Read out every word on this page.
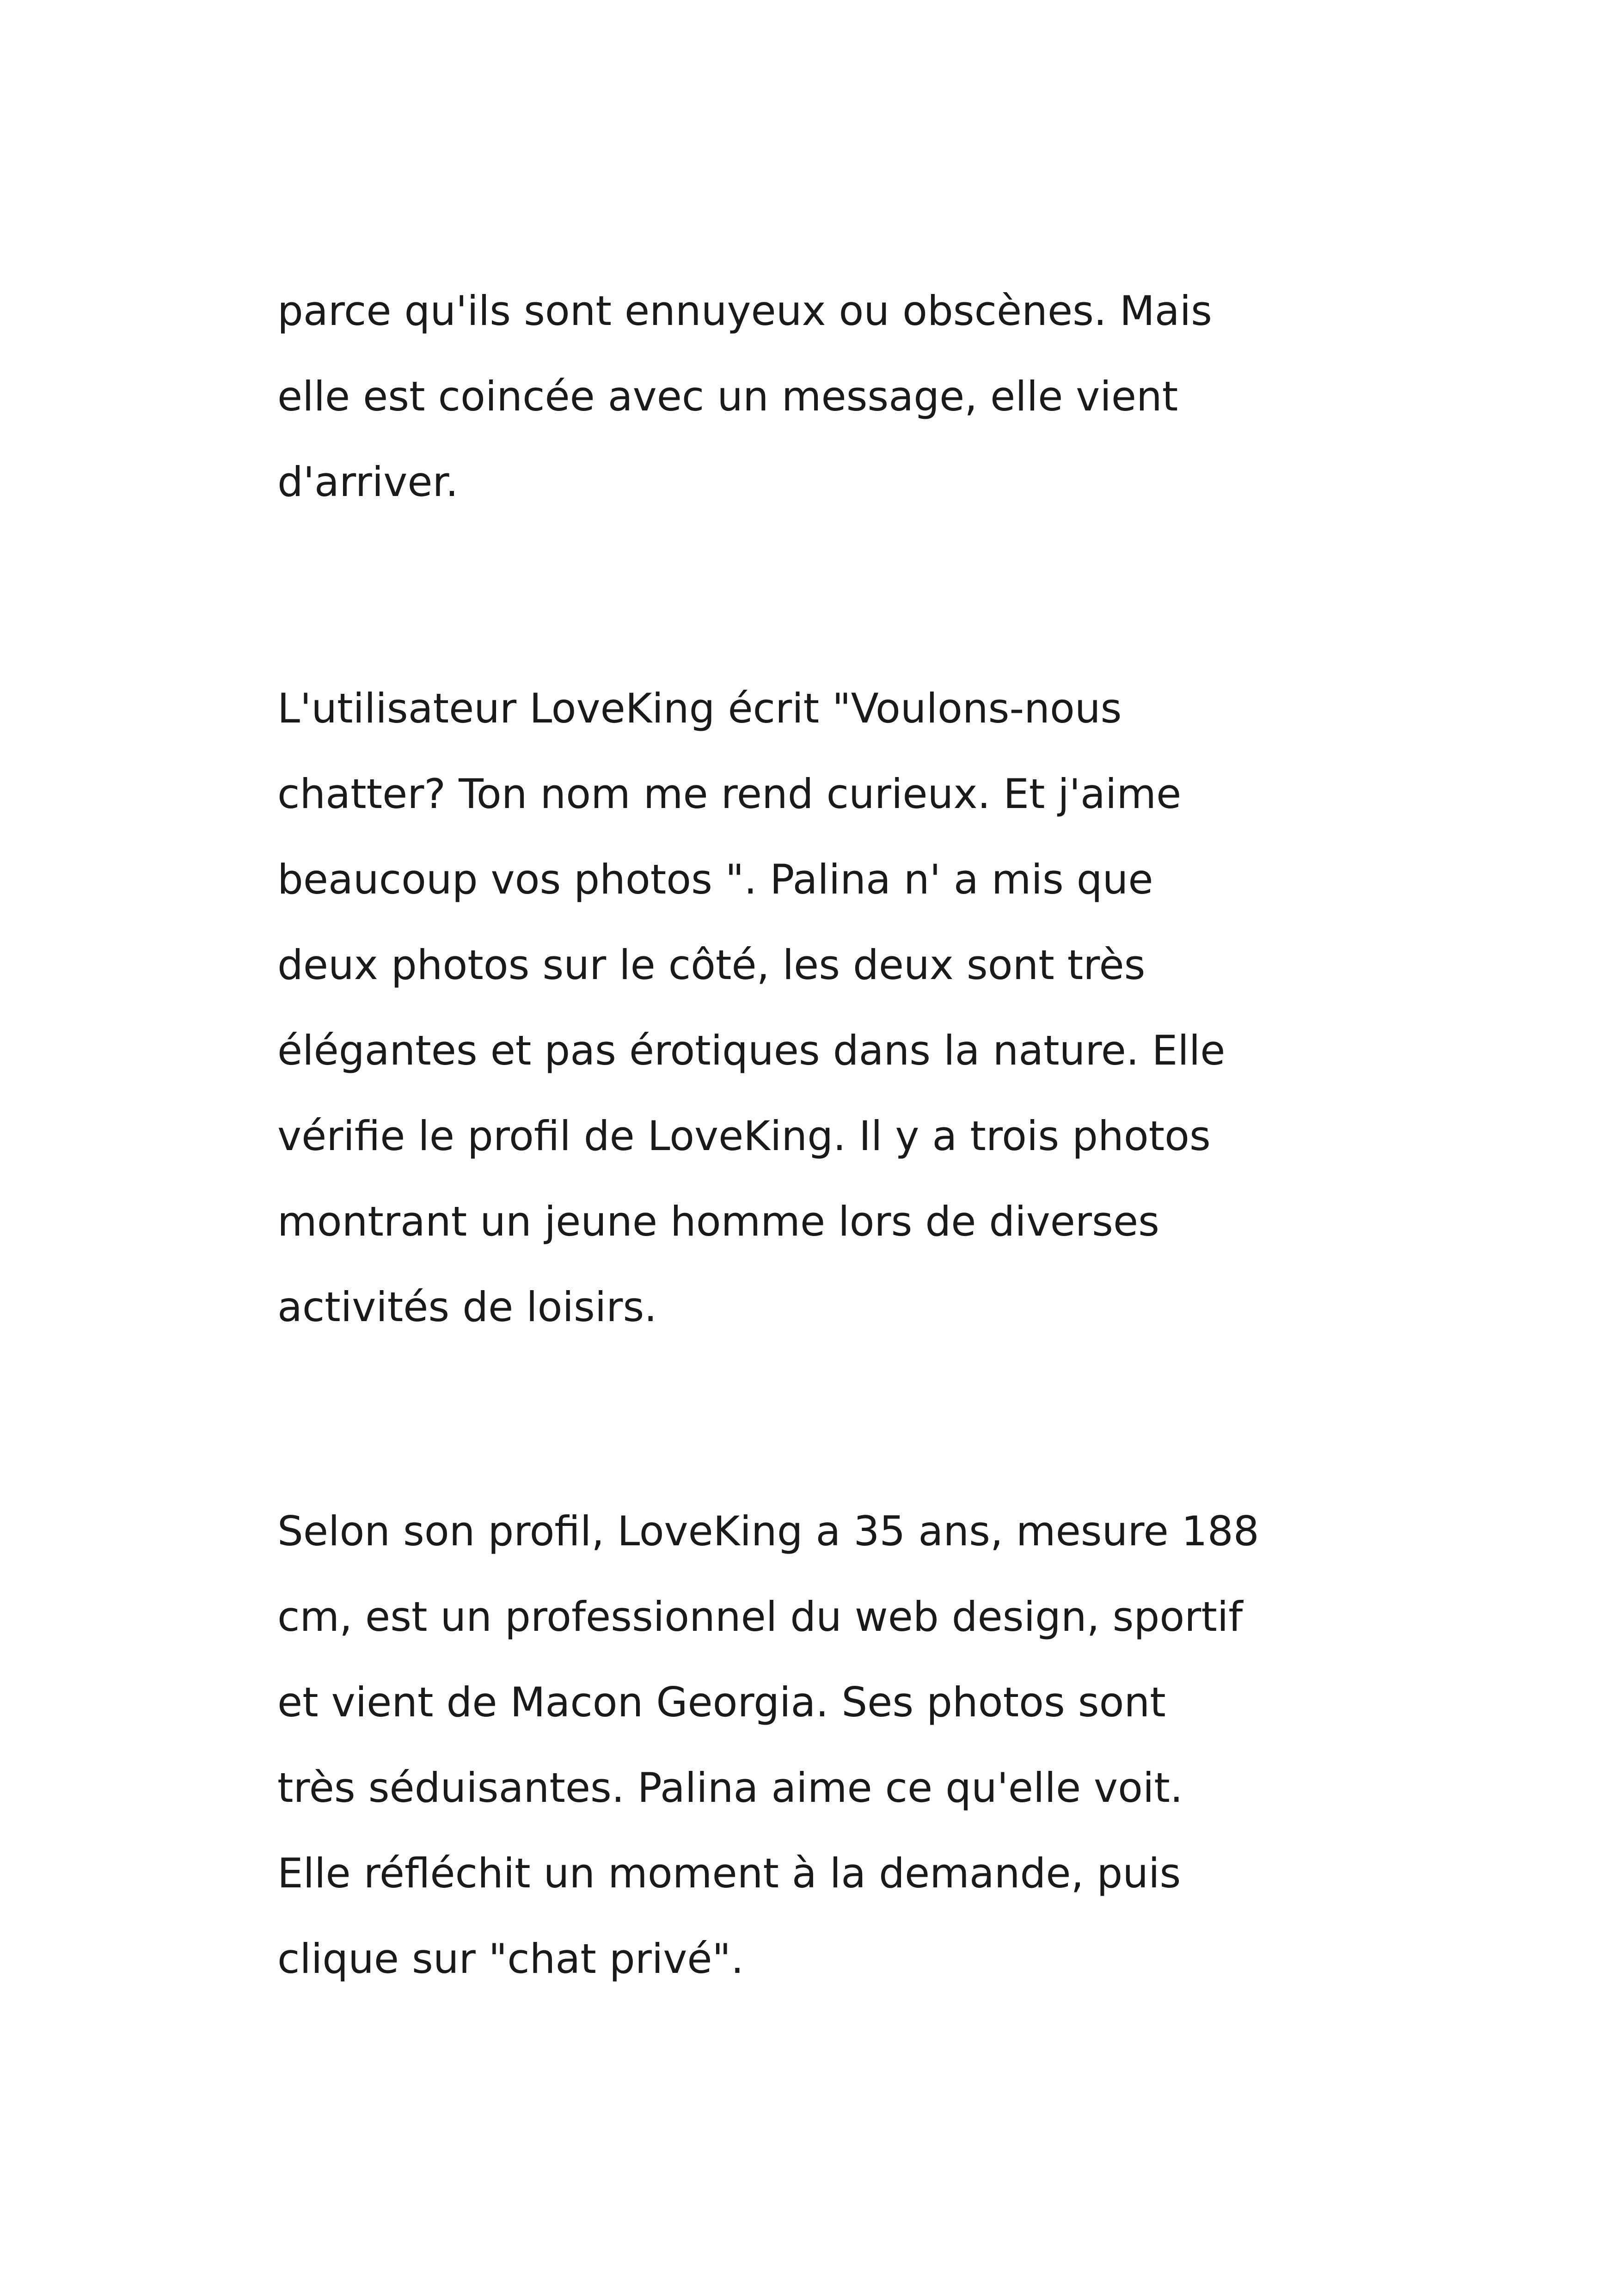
parce qu'ils sont ennuyeux ou obscènes. Mais
elle est coincée avec un message, elle vient
d'arriver.
L'utilisateur LoveKing écrit "Voulons-nous
chatter? Ton nom me rend curieux. Et j'aime
beaucoup vos photos ". Palina n' a mis que
deux photos sur le côté, les deux sont très
élégantes et pas érotiques dans la nature. Elle
vérifie le profil de LoveKing. Il y a trois photos
montrant un jeune homme lors de diverses
activités de loisirs.
Selon son profil, LoveKing a 35 ans, mesure 188
cm, est un professionnel du web design, sportif
et vient de Macon Georgia. Ses photos sont
très séduisantes. Palina aime ce qu'elle voit.
Elle réfléchit un moment à la demande, puis
clique sur "chat privé".
